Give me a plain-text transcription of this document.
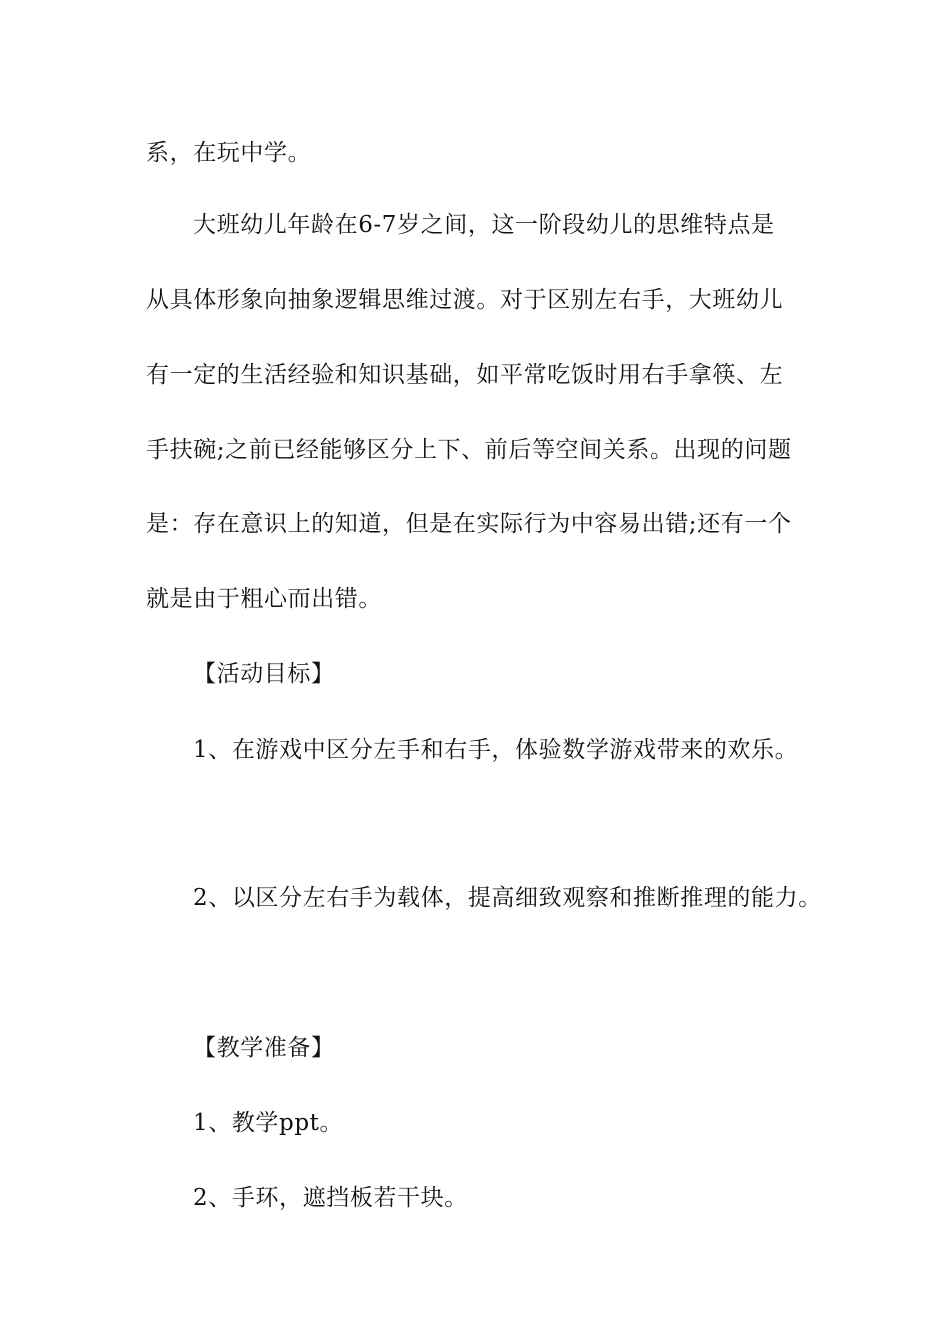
系，在玩中学。
大班幼儿年龄在6-7岁之间，这一阶段幼儿的思维特点是
从具体形象向抽象逻辑思维过渡。对于区别左右手，大班幼儿
有一定的生活经验和知识基础，如平常吃饭时用右手拿筷、左
手扶碗;之前已经能够区分上下、前后等空间关系。出现的问题
是：存在意识上的知道，但是在实际行为中容易出错;还有一个
就是由于粗心而出错。
【活动目标】
1、在游戏中区分左手和右手，体验数学游戏带来的欢乐。
2、以区分左右手为载体，提高细致观察和推断推理的能力。
【教学准备】
1、教学ppt。
2、手环，遮挡板若干块。
